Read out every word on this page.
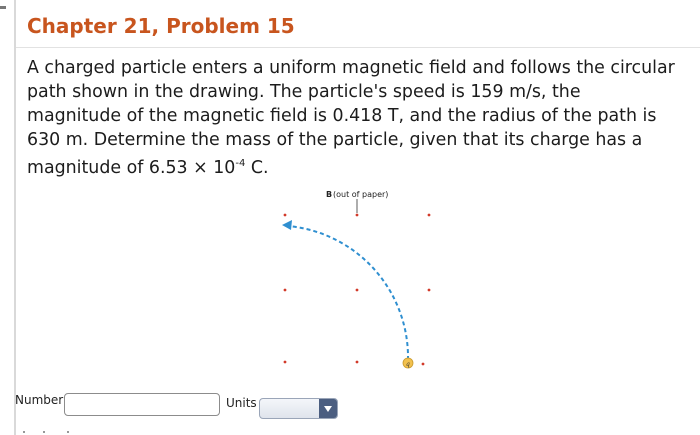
Chapter 21, Problem 15
A charged particle enters a uniform magnetic field and follows the circular
path shown in the drawing. The particle's speed is 159 m/s, the
magnitude of the magnetic field is 0.418 T, and the radius of the path is
630 m. Determine the mass of the particle, given that its charge has a
magnitude of $6.53 \times 10^{-4}$ C.
B (out of paper)
q
Number	Units
